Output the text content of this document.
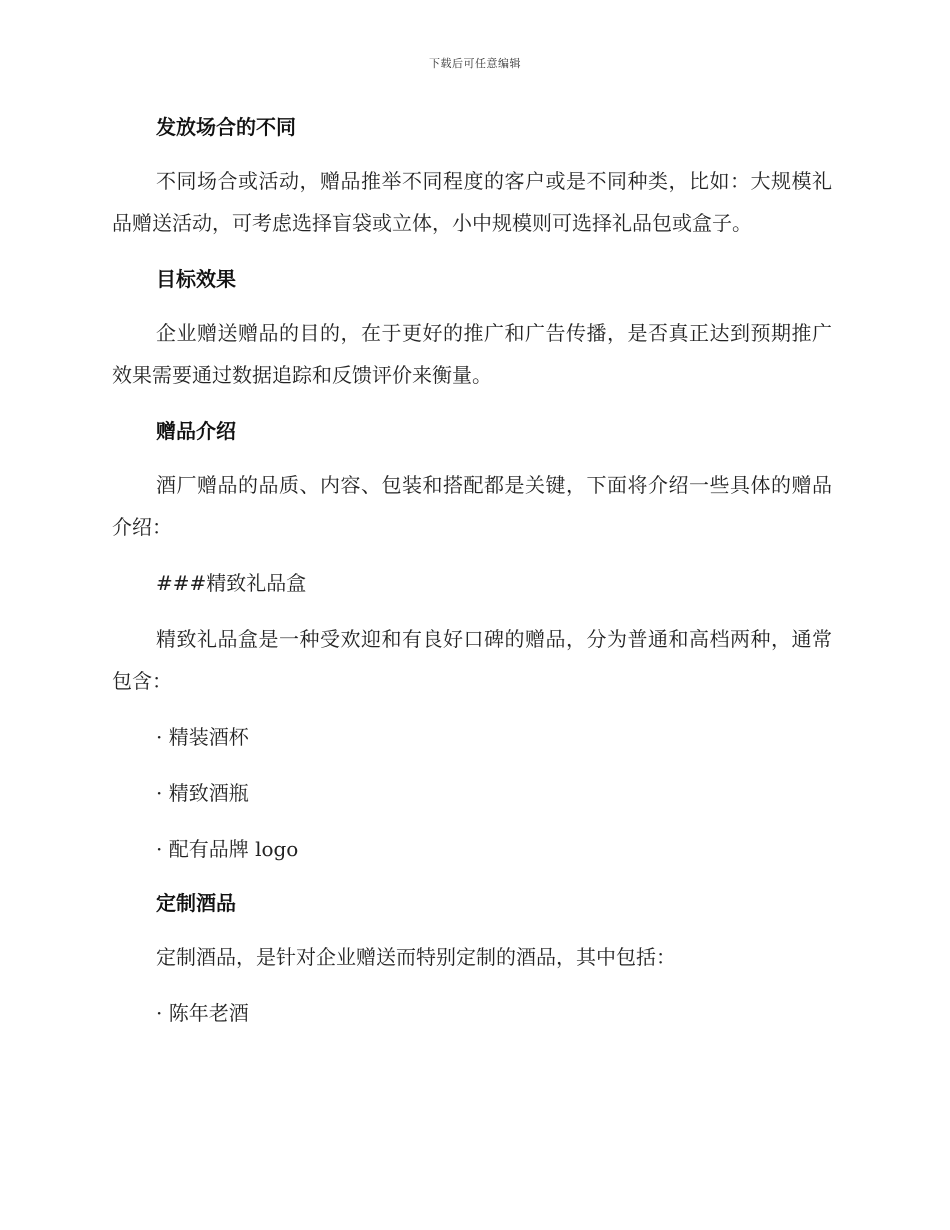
下载后可任意编辑
发放场合的不同

不同场合或活动，赠品推举不同程度的客户或是不同种类，比如：大规模礼品赠送活动，可考虑选择盲袋或立体，小中规模则可选择礼品包或盒子。

目标效果

企业赠送赠品的目的，在于更好的推广和广告传播，是否真正达到预期推广效果需要通过数据追踪和反馈评价来衡量。

赠品介绍

酒厂赠品的品质、内容、包装和搭配都是关键，下面将介绍一些具体的赠品介绍：

###精致礼品盒

精致礼品盒是一种受欢迎和有良好口碑的赠品，分为普通和高档两种，通常包含：

· 精装酒杯

· 精致酒瓶

· 配有品牌 logo

定制酒品

定制酒品，是针对企业赠送而特别定制的酒品，其中包括：

· 陈年老酒
